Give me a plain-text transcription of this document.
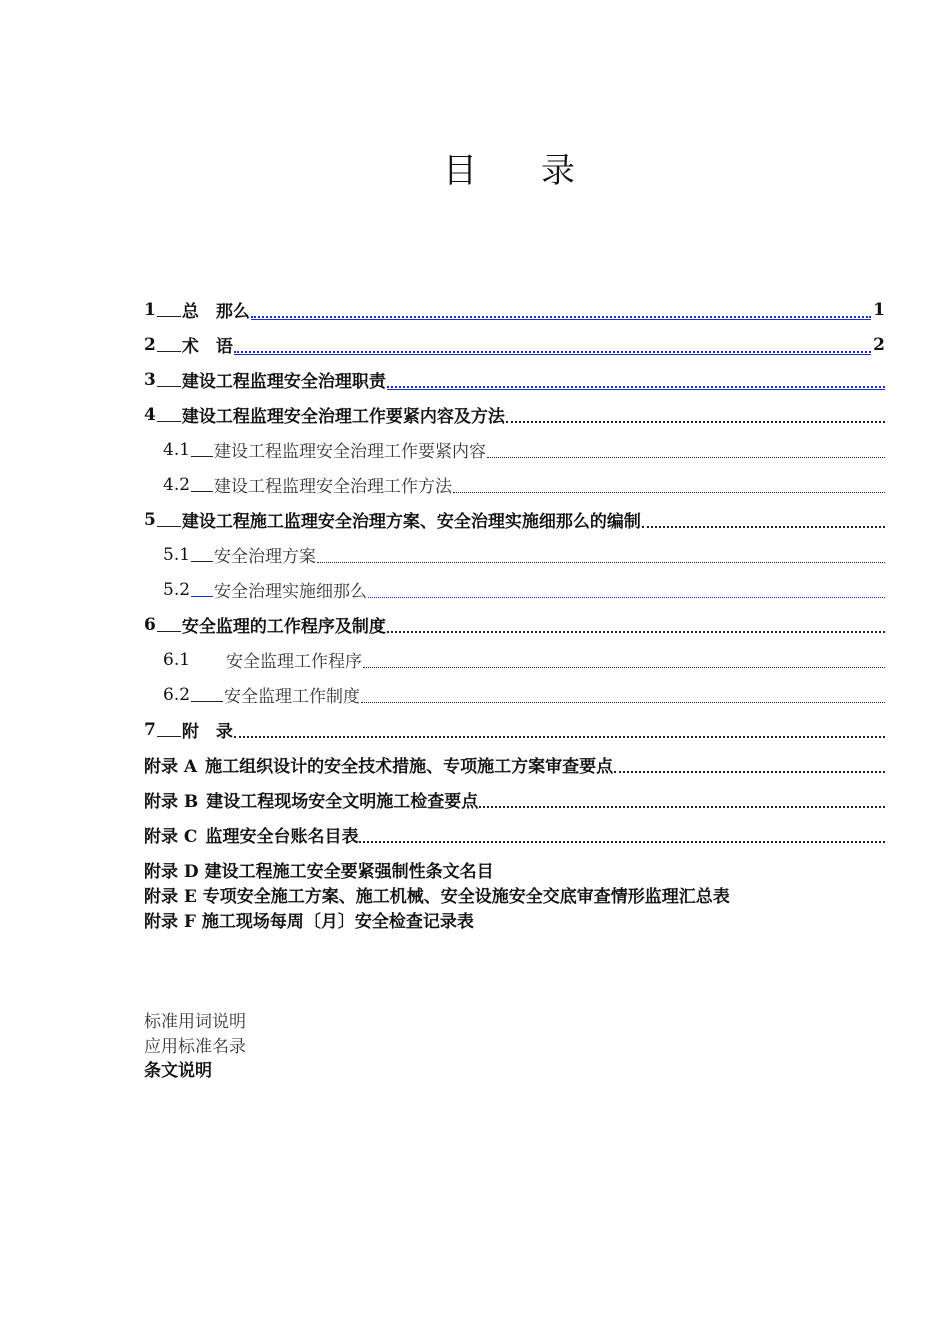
目 录
1 总　那么	1
2 术　语	2
3 建设工程监理安全治理职责
4 建设工程监理安全治理工作要紧内容及方法
4.1 建设工程监理安全治理工作要紧内容
4.2 建设工程监理安全治理工作方法
5 建设工程施工监理安全治理方案、安全治理实施细那么的编制
5.1 安全治理方案
5.2 安全治理实施细那么
6 安全监理的工作程序及制度
6.1 安全监理工作程序
6.2 安全监理工作制度
7 附　录
附录 A 施工组织设计的安全技术措施、专项施工方案审查要点
附录 B 建设工程现场安全文明施工检查要点
附录 C 监理安全台账名目表
附录 D 建设工程施工安全要紧强制性条文名目
附录 E 专项安全施工方案、施工机械、安全设施安全交底审查情形监理汇总表
附录 F 施工现场每周〔月〕安全检查记录表
标准用词说明
应用标准名录
条文说明
